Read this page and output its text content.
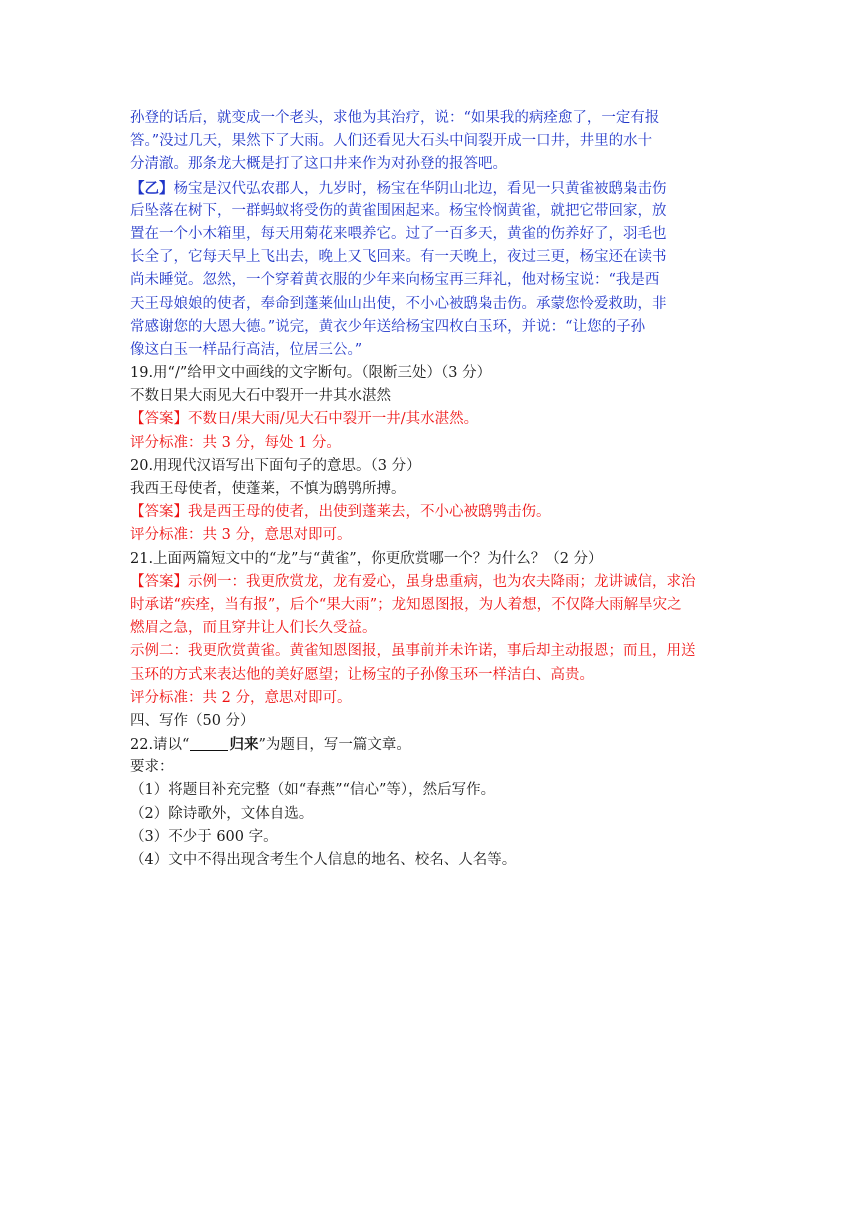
孙登的话后，就变成一个老头，求他为其治疗，说：“如果我的病痊愈了，一定有报
答。”没过几天，果然下了大雨。人们还看见大石头中间裂开成一口井，井里的水十
分清澈。那条龙大概是打了这口井来作为对孙登的报答吧。
【乙】杨宝是汉代弘农郡人，九岁时，杨宝在华阴山北边，看见一只黄雀被鸱枭击伤
后坠落在树下，一群蚂蚁将受伤的黄雀围困起来。杨宝怜悯黄雀，就把它带回家，放
置在一个小木箱里，每天用菊花来喂养它。过了一百多天，黄雀的伤养好了，羽毛也
长全了，它每天早上飞出去，晚上又飞回来。有一天晚上，夜过三更，杨宝还在读书
尚未睡觉。忽然，一个穿着黄衣服的少年来向杨宝再三拜礼，他对杨宝说：“我是西
天王母娘娘的使者，奉命到蓬莱仙山出使，不小心被鸱枭击伤。承蒙您怜爱救助，非
常感谢您的大恩大德。”说完，黄衣少年送给杨宝四枚白玉环，并说：“让您的子孙
像这白玉一样品行高洁，位居三公。”
19.用“/”给甲文中画线的文字断句。（限断三处）（3 分）
不数日果大雨见大石中裂开一井其水湛然
【答案】不数日/果大雨/见大石中裂开一井/其水湛然。
评分标准：共 3 分，每处 1 分。
20.用现代汉语写出下面句子的意思。（3 分）
我西王母使者，使蓬莱，不慎为鸱鸮所搏。
【答案】我是西王母的使者，出使到蓬莱去，不小心被鸱鸮击伤。
评分标准：共 3 分，意思对即可。
21.上面两篇短文中的“龙”与“黄雀”，你更欣赏哪一个？为什么？（2 分）
【答案】示例一：我更欣赏龙，龙有爱心，虽身患重病，也为农夫降雨；龙讲诚信，求治
时承诺“疾痊，当有报”，后个“果大雨”；龙知恩图报，为人着想，不仅降大雨解旱灾之
燃眉之急，而且穿井让人们长久受益。
示例二：我更欣赏黄雀。黄雀知恩图报，虽事前并未许诺，事后却主动报恩；而且，用送
玉环的方式来表达他的美好愿望；让杨宝的子孙像玉环一样洁白、高贵。
评分标准：共 2 分，意思对即可。
四、写作（50 分）
22.请以“	归来”为题目，写一篇文章。
要求：
（1）将题目补充完整（如“春燕”“信心”等），然后写作。
（2）除诗歌外，文体自选。
（3）不少于 600 字。
（4）文中不得出现含考生个人信息的地名、校名、人名等。
